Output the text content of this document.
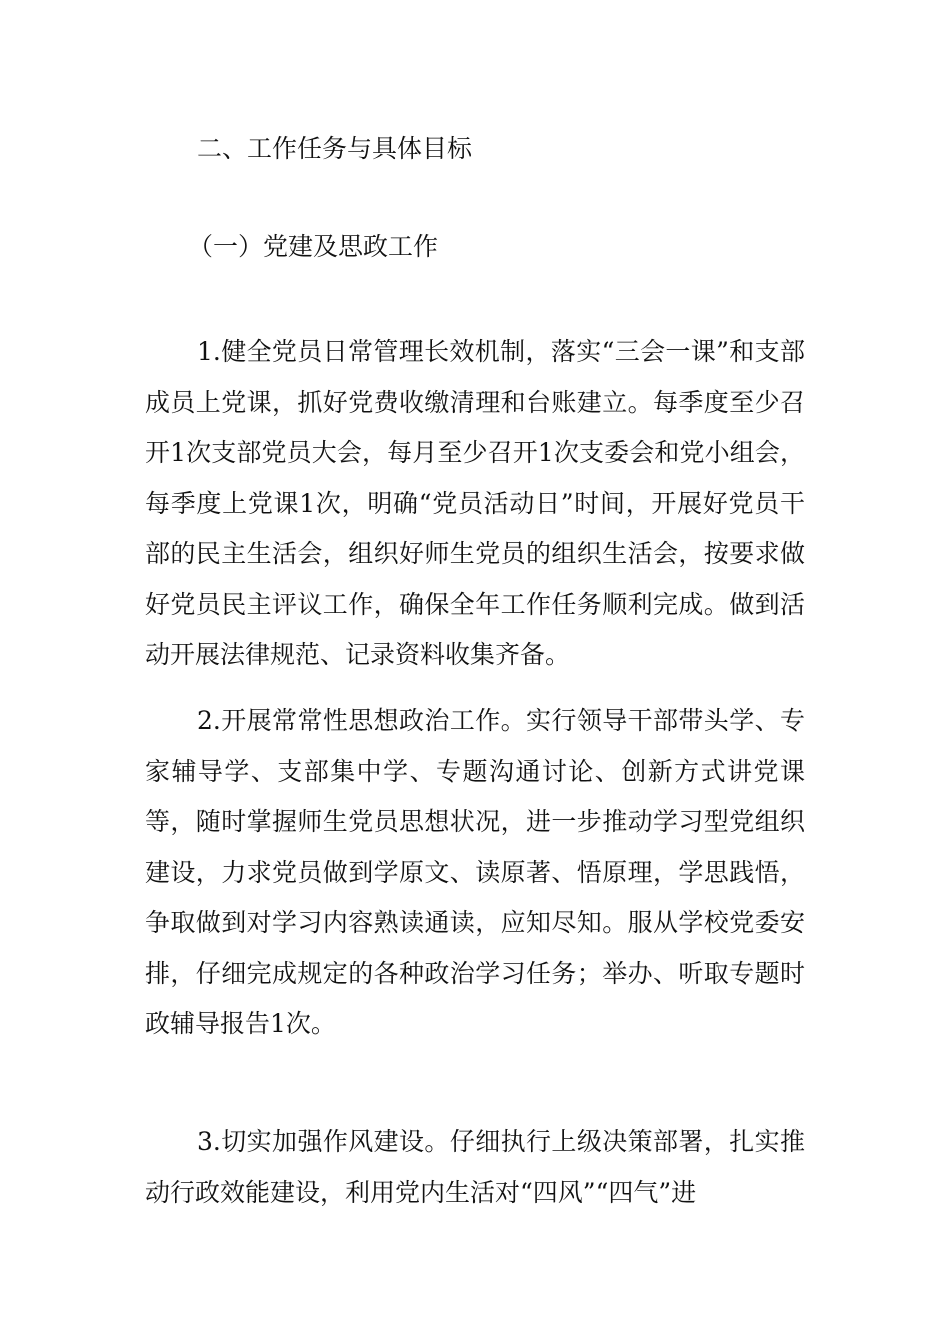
二、工作任务与具体目标
（一）党建及思政工作

1.健全党员日常管理长效机制，落实“三会一课”和支部成员上党课，抓好党费收缴清理和台账建立。每季度至少召开1次支部党员大会，每月至少召开1次支委会和党小组会，每季度上党课1次，明确“党员活动日”时间，开展好党员干部的民主生活会，组织好师生党员的组织生活会，按要求做好党员民主评议工作，确保全年工作任务顺利完成。做到活动开展法律规范、记录资料收集齐备。

2.开展常常性思想政治工作。实行领导干部带头学、专家辅导学、支部集中学、专题沟通讨论、创新方式讲党课等，随时掌握师生党员思想状况，进一步推动学习型党组织建设，力求党员做到学原文、读原著、悟原理，学思践悟，争取做到对学习内容熟读通读，应知尽知。服从学校党委安排，仔细完成规定的各种政治学习任务；举办、听取专题时政辅导报告1次。

3.切实加强作风建设。仔细执行上级决策部署，扎实推动行政效能建设，利用党内生活对“四风”“四气”进
